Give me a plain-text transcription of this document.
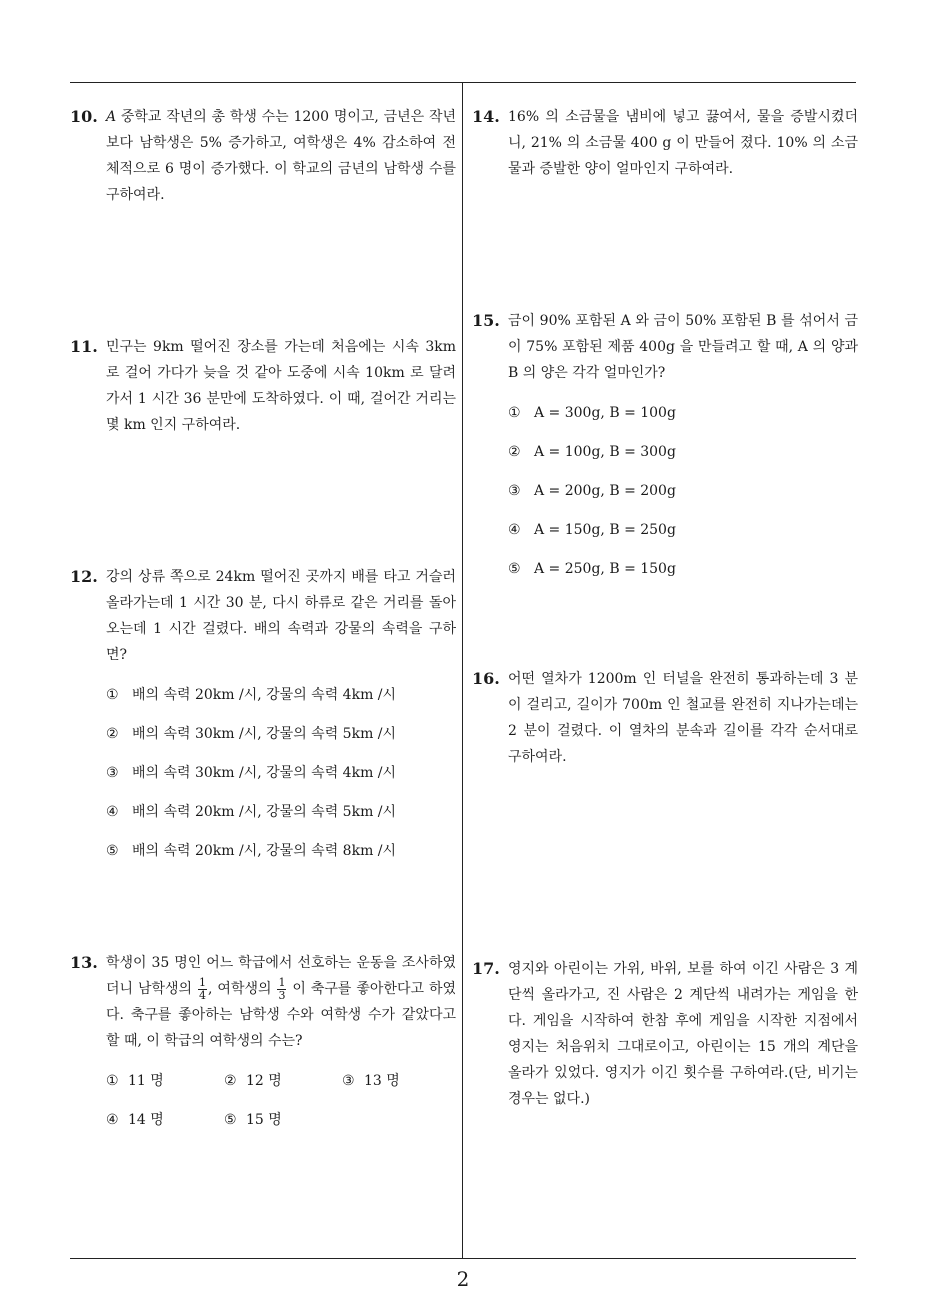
10. A 중학교 작년의 총 학생 수는 1200 명이고, 금년은 작년보다 남학생은 5% 증가하고, 여학생은 4% 감소하여 전체적으로 6 명이 증가했다. 이 학교의 금년의 남학생 수를 구하여라.
11. 민구는 9km 떨어진 장소를 가는데 처음에는 시속 3km 로 걸어 가다가 늦을 것 같아 도중에 시속 10km 로 달려가서 1 시간 36 분만에 도착하였다. 이 때, 걸어간 거리는 몇 km 인지 구하여라.
12. 강의 상류 쪽으로 24km 떨어진 곳까지 배를 타고 거슬러 올라가는데 1 시간 30 분, 다시 하류로 같은 거리를 돌아오는데 1 시간 걸렸다. 배의 속력과 강물의 속력을 구하면?
① 배의 속력 20km /시, 강물의 속력 4km /시
② 배의 속력 30km /시, 강물의 속력 5km /시
③ 배의 속력 30km /시, 강물의 속력 4km /시
④ 배의 속력 20km /시, 강물의 속력 5km /시
⑤ 배의 속력 20km /시, 강물의 속력 8km /시
13. 학생이 35 명인 어느 학급에서 선호하는 운동을 조사하였더니 남학생의 $\frac{1}{4}$ , 여학생의 $\frac{1}{3}$ 이 축구를 좋아한다고 하였다. 축구를 좋아하는 남학생 수와 여학생 수가 같았다고 할 때, 이 학급의 여학생의 수는?
① 11 명	② 12 명	③ 13 명
④ 14 명	⑤ 15 명
14. 16% 의 소금물을 냄비에 넣고 끓여서, 물을 증발시켰더니, 21% 의 소금물 400 g 이 만들어 졌다. 10% 의 소금물과 증발한 양이 얼마인지 구하여라.
15. 금이 90% 포함된 A 와 금이 50% 포함된 B 를 섞어서 금이 75% 포함된 제품 400g 을 만들려고 할 때, A 의 양과 B 의 양은 각각 얼마인가?
① A = 300g, B = 100g
② A = 100g, B = 300g
③ A = 200g, B = 200g
④ A = 150g, B = 250g
⑤ A = 250g, B = 150g
16. 어떤 열차가 1200m 인 터널을 완전히 통과하는데 3 분이 걸리고, 길이가 700m 인 철교를 완전히 지나가는데는 2 분이 걸렸다. 이 열차의 분속과 길이를 각각 순서대로 구하여라.
17. 영지와 아린이는 가위, 바위, 보를 하여 이긴 사람은 3 계단씩 올라가고, 진 사람은 2 계단씩 내려가는 게임을 한다. 게임을 시작하여 한참 후에 게임을 시작한 지점에서 영지는 처음위치 그대로이고, 아린이는 15 개의 계단을 올라가 있었다. 영지가 이긴 횟수를 구하여라.(단, 비기는 경우는 없다.)
2
